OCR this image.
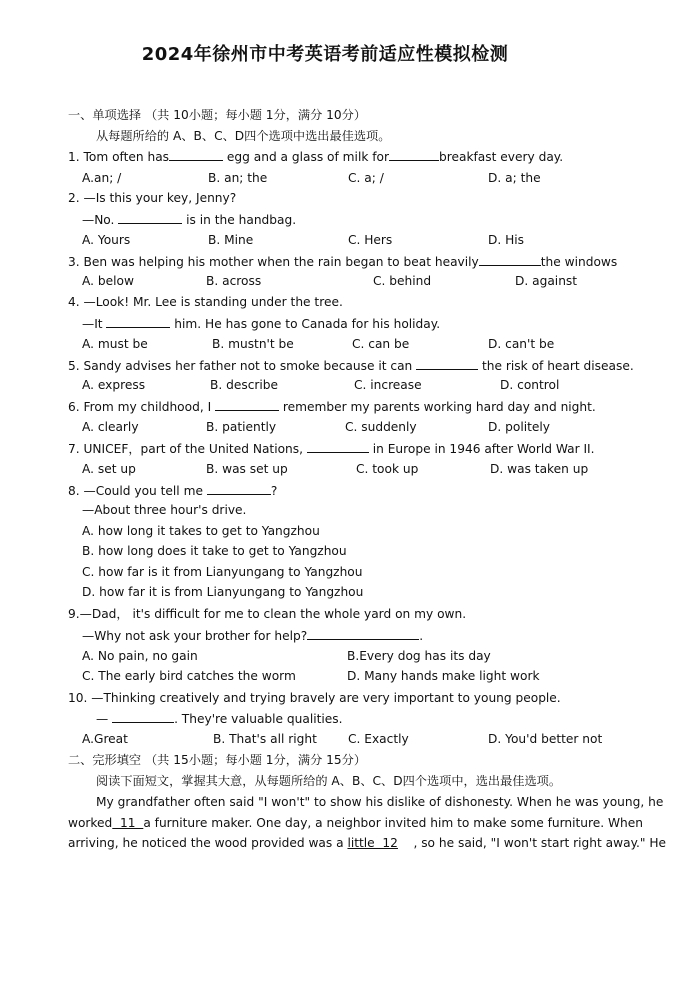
2024年徐州市中考英语考前适应性模拟检测
一、单项选择 （共 10小题；每小题 1分，满分 10分）
从每题所给的 A、B、C、D四个选项中选出最佳选项。
1. Tom often has	egg and a glass of milk for	breakfast every day.
A.an; /	B. an; the	C. a; /	D. a; the
2. —Is this your key, Jenny?
—No.	is in the handbag.
A. Yours	B. Mine	C. Hers	D. His
3. Ben was helping his mother when the rain began to beat heavily	the windows
A. below	B. across	C. behind	D. against
4. —Look! Mr. Lee is standing under the tree.
—It	him. He has gone to Canada for his holiday.
A. must be	B. mustn't be	C. can be	D. can't be
5. Sandy advises her father not to smoke because it can	the risk of heart disease.
A. express	B. describe	C. increase	D. control
6. From my childhood, I	remember my parents working hard day and night.
A. clearly	B. patiently	C. suddenly	D. politely
7. UNICEF，part of the United Nations,	in Europe in 1946 after World War II.
A. set up	B. was set up	C. took up	D. was taken up
8. —Could you tell me	?
—About three hour's drive.
A. how long it takes to get to Yangzhou
B. how long does it take to get to Yangzhou
C. how far is it from Lianyungang to Yangzhou
D. how far it is from Lianyungang to Yangzhou
9.—Dad， it's difficult for me to clean the whole yard on my own.
—Why not ask your brother for help?	.
A. No pain, no gain	B.Every dog has its day
C. The early bird catches the worm	D. Many hands make light work
10. —Thinking creatively and trying bravely are very important to young people.
—	. They're valuable qualities.
A.Great	B. That's all right	C. Exactly	D. You'd better not
二、完形填空 （共 15小题；每小题 1分，满分 15分）
阅读下面短文，掌握其大意，从每题所给的 A、B、C、D四个选项中，选出最佳选项。
My grandfather often said "I won't" to show his dislike of dishonesty. When he was young, he
worked  11  a furniture maker. One day, a neighbor invited him to make some furniture. When
arriving, he noticed the wood provided was a little  12    , so he said, "I won't start right away." He
